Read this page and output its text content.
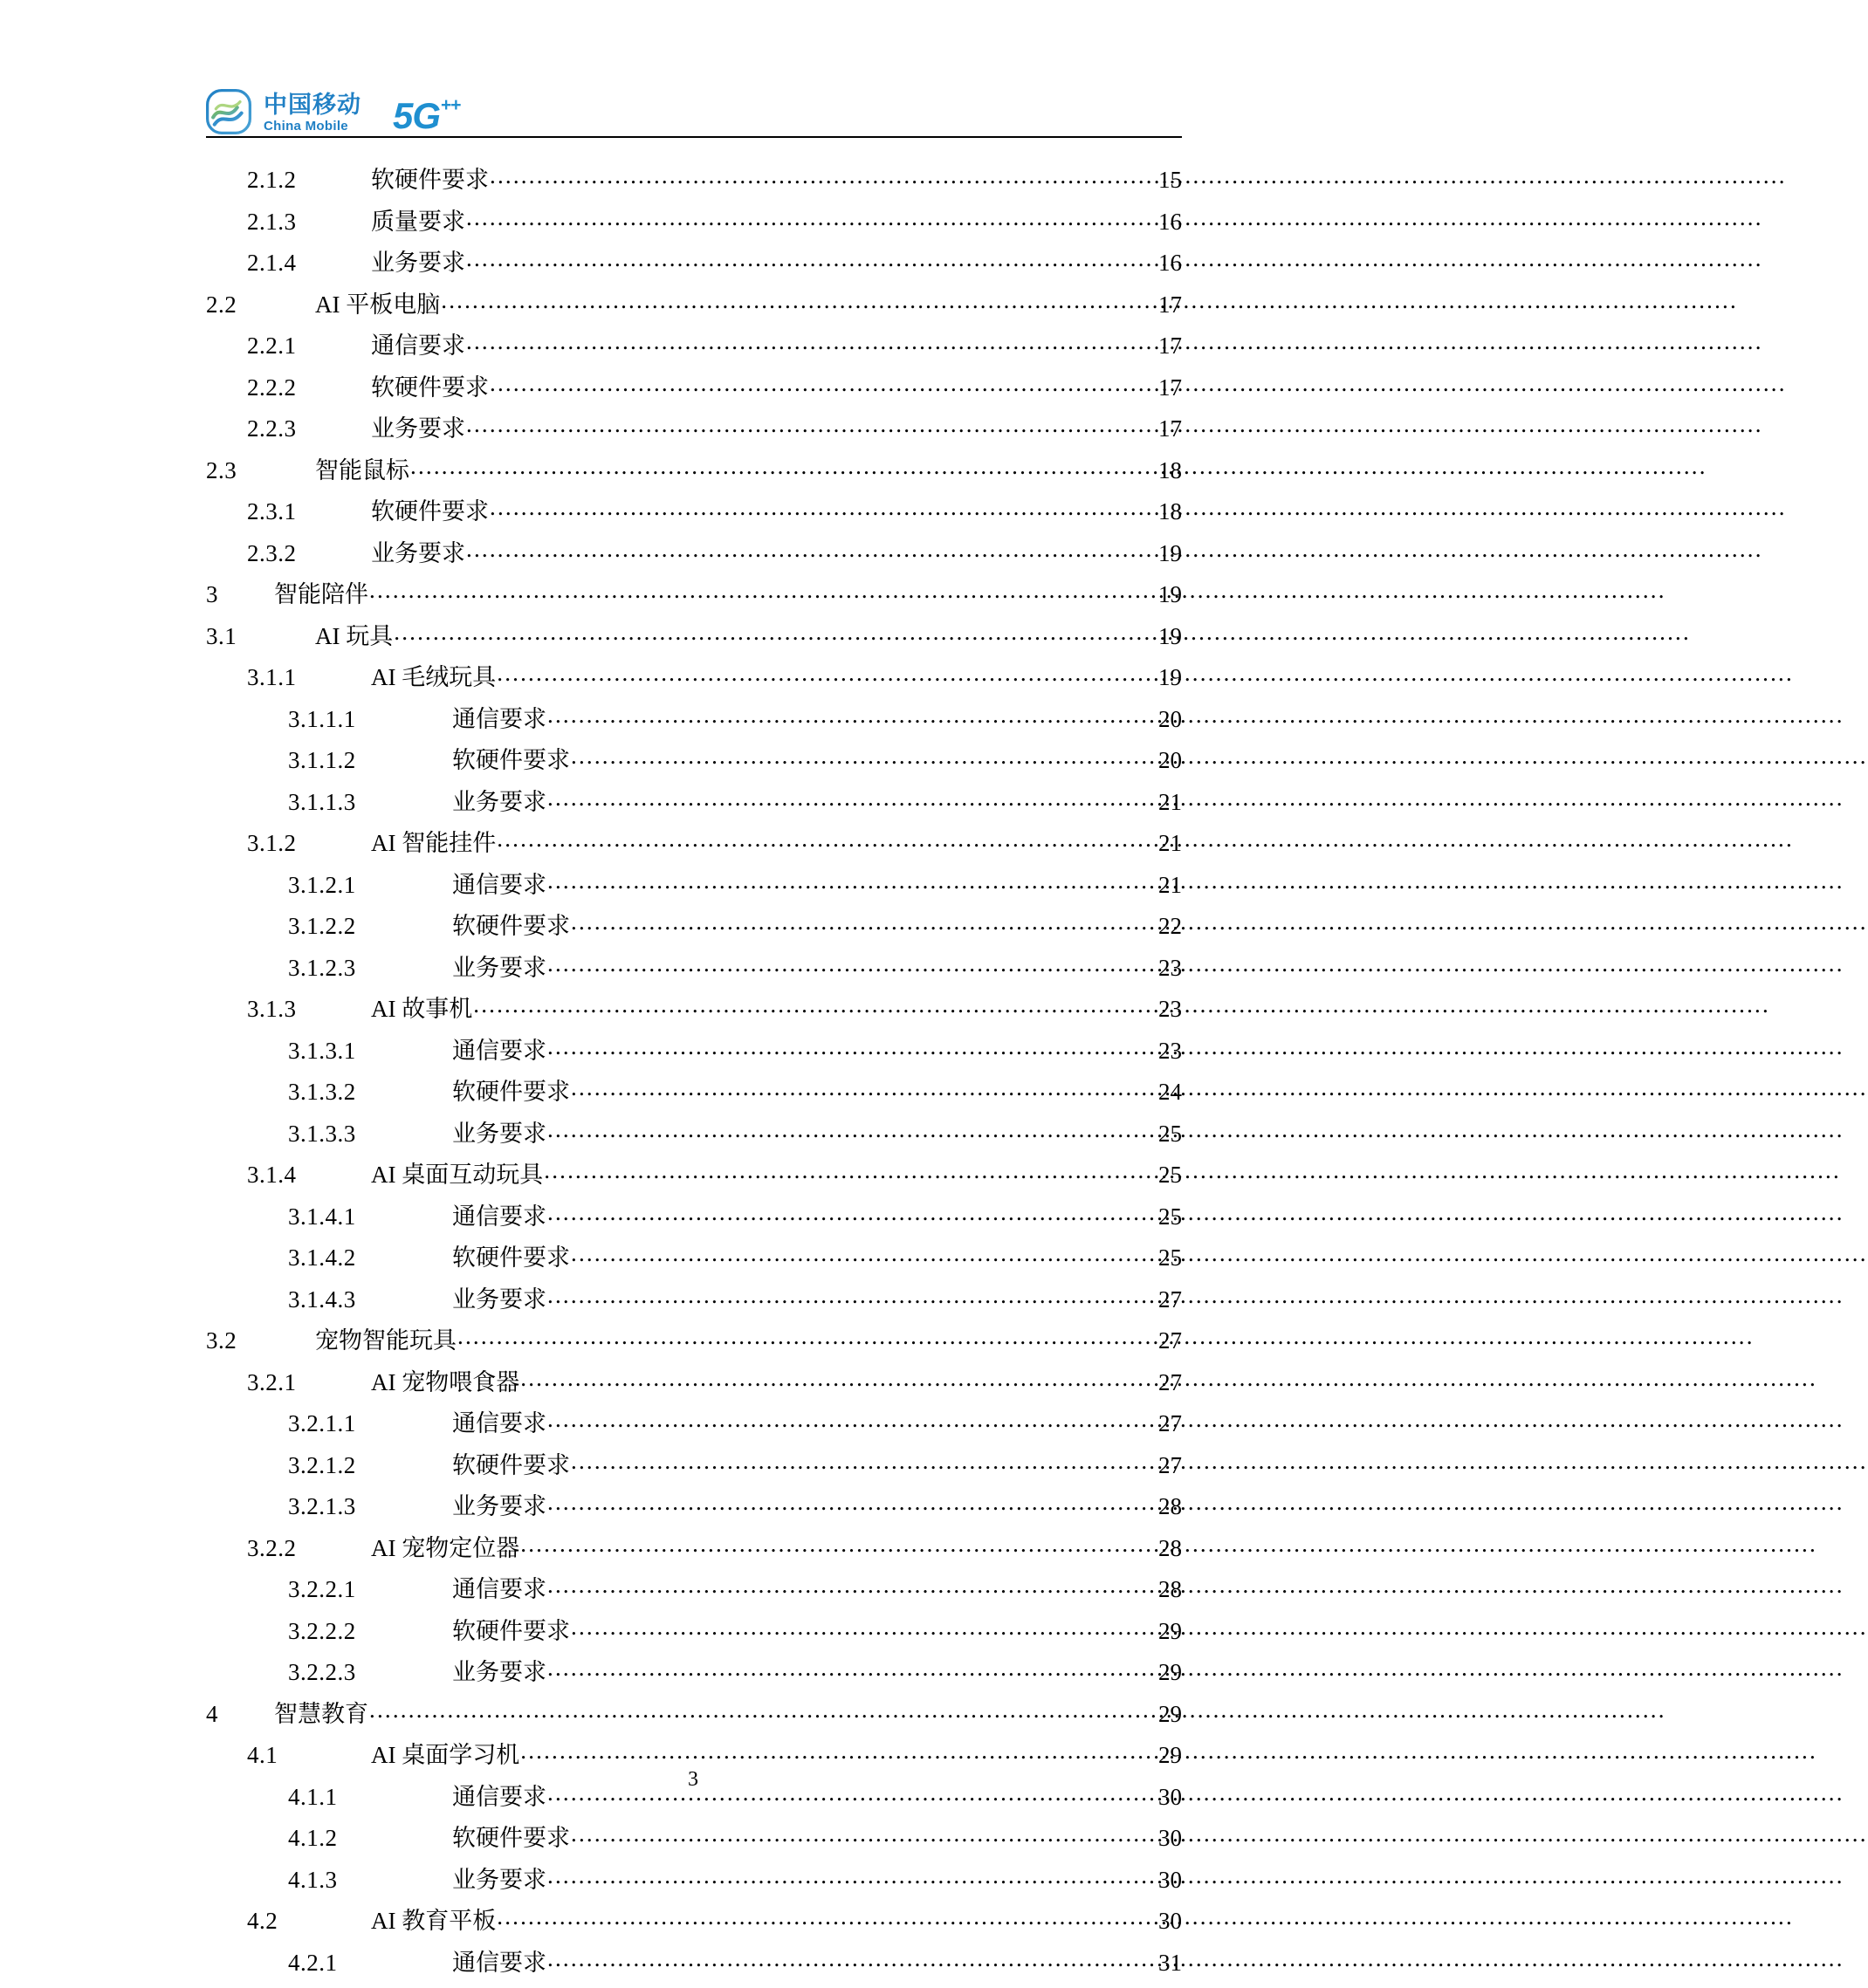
中国移动
China Mobile	5G ++
2.1.2	软硬件要求 .....	15
2.1.3	质量要求 .....	16
2.1.4	业务要求 .....	16
2.2	AI 平板电脑 .....	17
2.2.1	通信要求 .....	17
2.2.2	软硬件要求 .....	17
2.2.3	业务要求 .....	17
2.3	智能鼠标 .....	18
2.3.1	软硬件要求 .....	18
2.3.2	业务要求 .....	19
3	智能陪伴 .....	19
3.1	AI 玩具 .....	19
3.1.1	AI 毛绒玩具 .....	19
3.1.1.1	通信要求 .....	20
3.1.1.2	软硬件要求 .....	20
3.1.1.3	业务要求 .....	21
3.1.2	AI 智能挂件 .....	21
3.1.2.1	通信要求 .....	21
3.1.2.2	软硬件要求 .....	22
3.1.2.3	业务要求 .....	23
3.1.3	AI 故事机 .....	23
3.1.3.1	通信要求 .....	23
3.1.3.2	软硬件要求 .....	24
3.1.3.3	业务要求 .....	25
3.1.4	AI 桌面互动玩具 .....	25
3.1.4.1	通信要求 .....	25
3.1.4.2	软硬件要求 .....	25
3.1.4.3	业务要求 .....	27
3.2	宠物智能玩具 .....	27
3.2.1	AI 宠物喂食器 .....	27
3.2.1.1	通信要求 .....	27
3.2.1.2	软硬件要求 .....	27
3.2.1.3	业务要求 .....	28
3.2.2	AI 宠物定位器 .....	28
3.2.2.1	通信要求 .....	28
3.2.2.2	软硬件要求 .....	29
3.2.2.3	业务要求 .....	29
4	智慧教育 .....	29
4.1	AI 桌面学习机 .....	29
4.1.1	通信要求 .....	30
4.1.2	软硬件要求 .....	30
4.1.3	业务要求 .....	30
4.2	AI 教育平板 .....	30
4.2.1	通信要求 .....	31
3
